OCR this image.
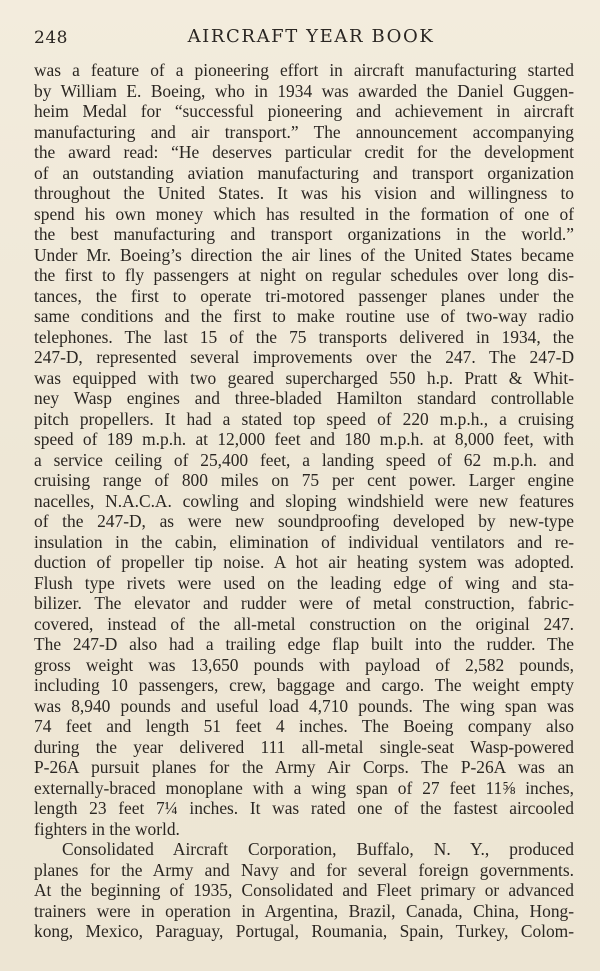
248	AIRCRAFT YEAR BOOK
was a feature of a pioneering effort in aircraft manufacturing started
by William E. Boeing, who in 1934 was awarded the Daniel Guggen-
heim Medal for “successful pioneering and achievement in aircraft
manufacturing and air transport.” The announcement accompanying
the award read: “He deserves particular credit for the development
of an outstanding aviation manufacturing and transport organization
throughout the United States. It was his vision and willingness to
spend his own money which has resulted in the formation of one of
the best manufacturing and transport organizations in the world.”
Under Mr. Boeing’s direction the air lines of the United States became
the first to fly passengers at night on regular schedules over long dis-
tances, the first to operate tri-motored passenger planes under the
same conditions and the first to make routine use of two-way radio
telephones. The last 15 of the 75 transports delivered in 1934, the
247-D, represented several improvements over the 247. The 247-D
was equipped with two geared supercharged 550 h.p. Pratt & Whit-
ney Wasp engines and three-bladed Hamilton standard controllable
pitch propellers. It had a stated top speed of 220 m.p.h., a cruising
speed of 189 m.p.h. at 12,000 feet and 180 m.p.h. at 8,000 feet, with
a service ceiling of 25,400 feet, a landing speed of 62 m.p.h. and
cruising range of 800 miles on 75 per cent power. Larger engine
nacelles, N.A.C.A. cowling and sloping windshield were new features
of the 247-D, as were new soundproofing developed by new-type
insulation in the cabin, elimination of individual ventilators and re-
duction of propeller tip noise. A hot air heating system was adopted.
Flush type rivets were used on the leading edge of wing and sta-
bilizer. The elevator and rudder were of metal construction, fabric-
covered, instead of the all-metal construction on the original 247.
The 247-D also had a trailing edge flap built into the rudder. The
gross weight was 13,650 pounds with payload of 2,582 pounds,
including 10 passengers, crew, baggage and cargo. The weight empty
was 8,940 pounds and useful load 4,710 pounds. The wing span was
74 feet and length 51 feet 4 inches. The Boeing company also
during the year delivered 111 all-metal single-seat Wasp-powered
P-26A pursuit planes for the Army Air Corps. The P-26A was an
externally-braced monoplane with a wing span of 27 feet 11⅝ inches,
length 23 feet 7¼ inches. It was rated one of the fastest aircooled
fighters in the world.
Consolidated Aircraft Corporation, Buffalo, N. Y., produced
planes for the Army and Navy and for several foreign governments.
At the beginning of 1935, Consolidated and Fleet primary or advanced
trainers were in operation in Argentina, Brazil, Canada, China, Hong-
kong, Mexico, Paraguay, Portugal, Roumania, Spain, Turkey, Colom-
